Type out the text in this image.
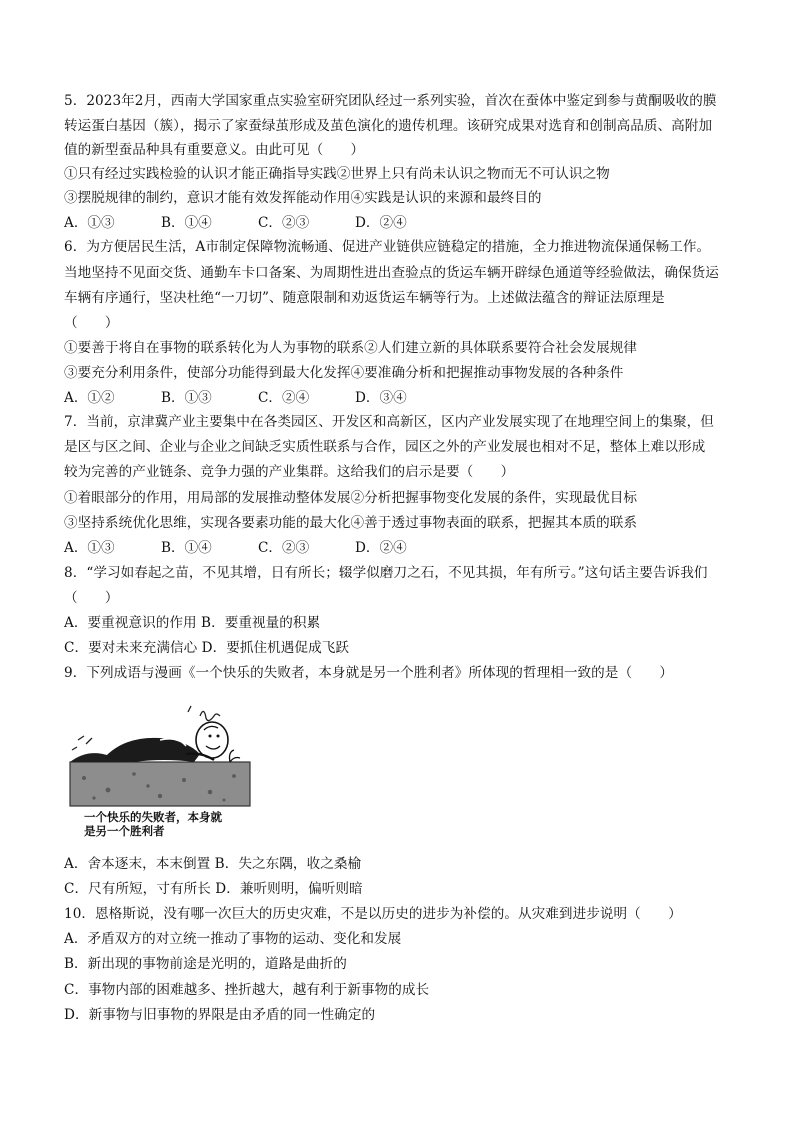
5．2023年2月，西南大学国家重点实验室研究团队经过一系列实验，首次在蚕体中鉴定到参与黄酮吸收的膜
转运蛋白基因（簇），揭示了家蚕绿茧形成及茧色演化的遗传机理。该研究成果对选育和创制高品质、高附加
值的新型蚕品种具有重要意义。由此可见（　　）
①只有经过实践检验的认识才能正确指导实践②世界上只有尚未认识之物而无不可认识之物
③摆脱规律的制约，意识才能有效发挥能动作用④实践是认识的来源和最终目的
A．①③	B．①④	C．②③	D．②④
6．为方便居民生活，A市制定保障物流畅通、促进产业链供应链稳定的措施，全力推进物流保通保畅工作。
当地坚持不见面交货、通勤车卡口备案、为周期性进出查验点的货运车辆开辟绿色通道等经验做法，确保货运
车辆有序通行，坚决杜绝“一刀切”、随意限制和劝返货运车辆等行为。上述做法蕴含的辩证法原理是
（　　）
①要善于将自在事物的联系转化为人为事物的联系②人们建立新的具体联系要符合社会发展规律
③要充分利用条件，使部分功能得到最大化发挥④要准确分析和把握推动事物发展的各种条件
A．①②	B．①③	C．②④	D．③④
7．当前，京津冀产业主要集中在各类园区、开发区和高新区，区内产业发展实现了在地理空间上的集聚，但
是区与区之间、企业与企业之间缺乏实质性联系与合作，园区之外的产业发展也相对不足，整体上难以形成
较为完善的产业链条、竞争力强的产业集群。这给我们的启示是要（　　）
①着眼部分的作用，用局部的发展推动整体发展②分析把握事物变化发展的条件，实现最优目标
③坚持系统优化思维，实现各要素功能的最大化④善于透过事物表面的联系，把握其本质的联系
A．①③	B．①④	C．②③	D．②④
8．“学习如春起之苗，不见其增，日有所长；辍学似磨刀之石，不见其损，年有所亏。”这句话主要告诉我们
（　　）
A．要重视意识的作用 B．要重视量的积累
C．要对未来充满信心 D．要抓住机遇促成飞跃
9．下列成语与漫画《一个快乐的失败者，本身就是另一个胜利者》所体现的哲理相一致的是（　　）
一个快乐的失败者，本身就
是另一个胜利者
A．舍本逐末，本末倒置 B．失之东隅，收之桑榆
C．尺有所短，寸有所长 D．兼听则明，偏听则暗
10．恩格斯说，没有哪一次巨大的历史灾难，不是以历史的进步为补偿的。从灾难到进步说明（　　）
A．矛盾双方的对立统一推动了事物的运动、变化和发展
B．新出现的事物前途是光明的，道路是曲折的
C．事物内部的困难越多、挫折越大，越有利于新事物的成长
D．新事物与旧事物的界限是由矛盾的同一性确定的
